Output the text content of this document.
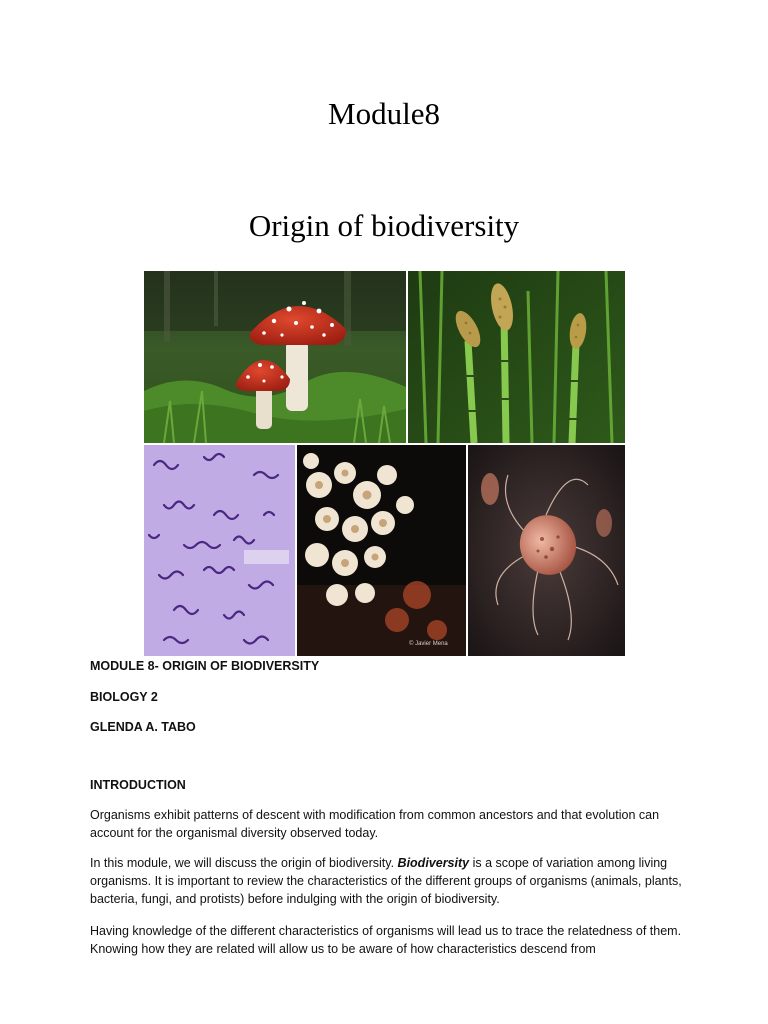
Module8
Origin of biodiversity
© Javier Mena
MODULE 8- ORIGIN OF BIODIVERSITY
BIOLOGY 2
GLENDA A. TABO
INTRODUCTION

Organisms exhibit patterns of descent with modification from common ancestors and that evolution can account for the organismal diversity observed today.

In this module, we will discuss the origin of biodiversity. Biodiversity is a scope of variation among living organisms. It is important to review the characteristics of the different groups of organisms (animals, plants, bacteria, fungi, and protists) before indulging with the origin of biodiversity.

Having knowledge of the different characteristics of organisms will lead us to trace the relatedness of them. Knowing how they are related will allow us to be aware of how characteristics descend from
